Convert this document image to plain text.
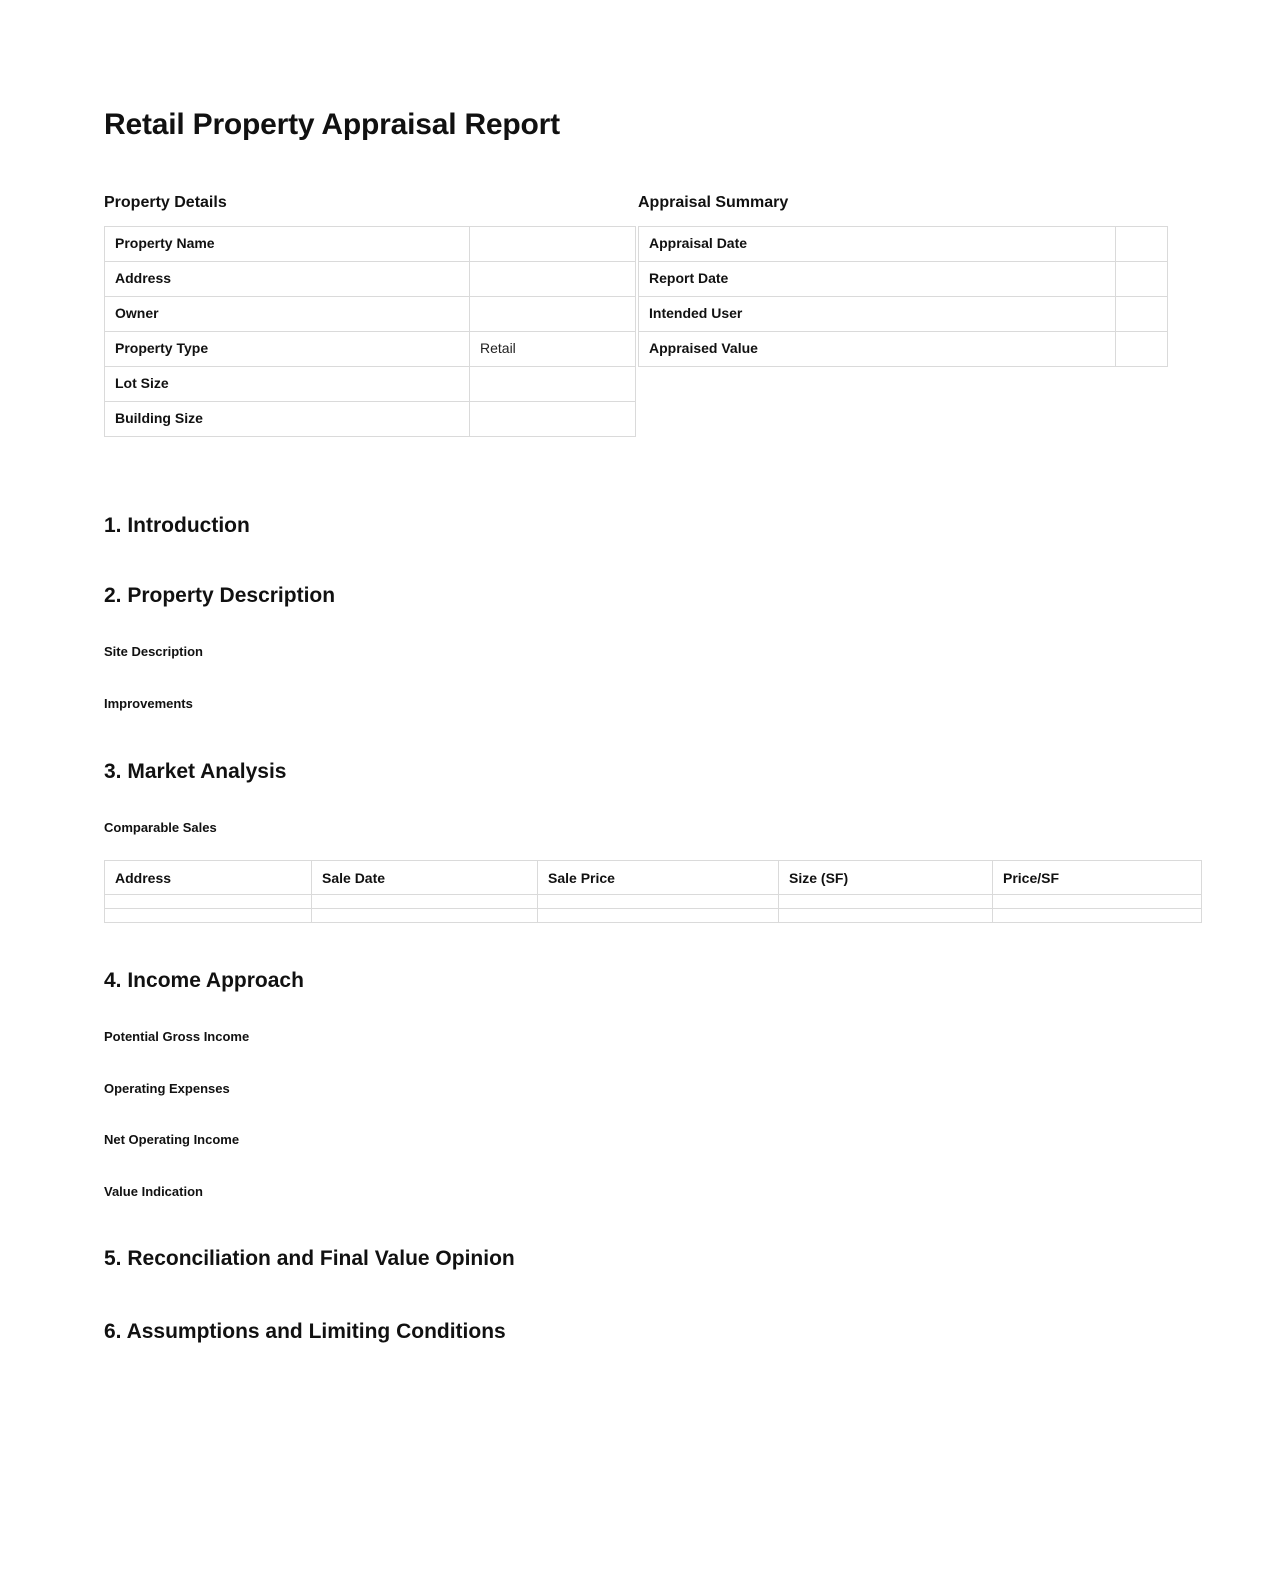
Retail Property Appraisal Report
Property Details
Property Name	
Address	
Owner	
Property Type	Retail
Lot Size	
Building Size	
Appraisal Summary
Appraisal Date	
Report Date	
Intended User	
Appraised Value	
1. Introduction
2. Property Description
Site Description
Improvements
3. Market Analysis
Comparable Sales
Address	Sale Date	Sale Price	Size (SF)	Price/SF

4. Income Approach
Potential Gross Income
Operating Expenses
Net Operating Income
Value Indication
5. Reconciliation and Final Value Opinion
6. Assumptions and Limiting Conditions
